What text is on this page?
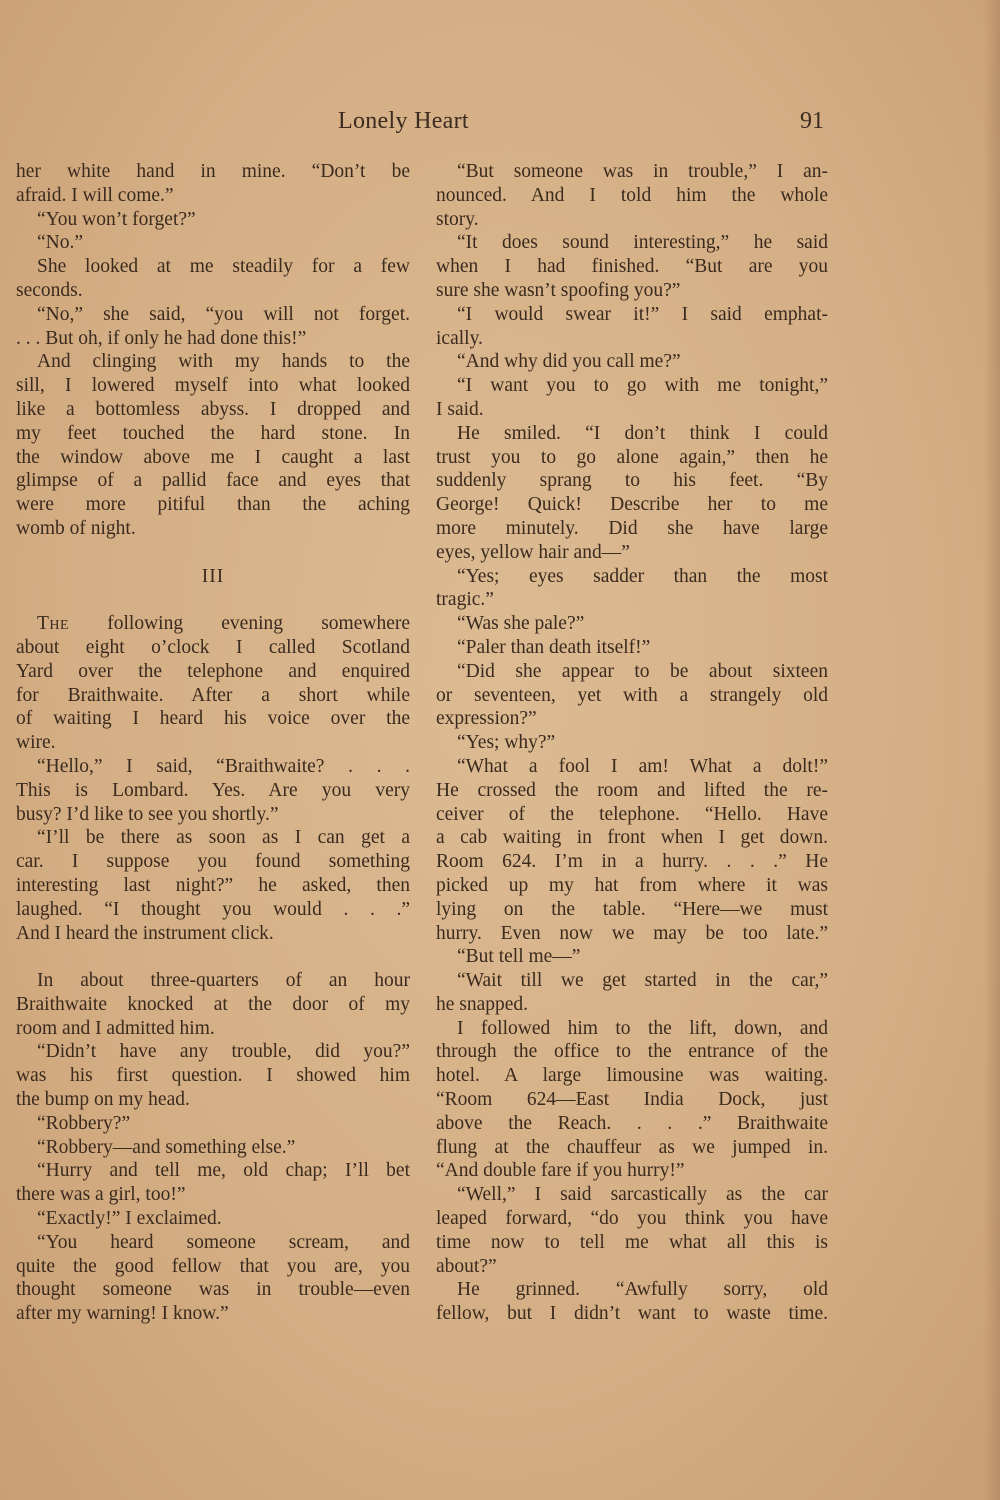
Lonely Heart	91
her white hand in mine. “Don’t be
afraid. I will come.”
“You won’t forget?”
“No.”
She looked at me steadily for a few
seconds.
“No,” she said, “you will not forget.
. . . But oh, if only he had done this!”
And clinging with my hands to the
sill, I lowered myself into what looked
like a bottomless abyss. I dropped and
my feet touched the hard stone. In
the window above me I caught a last
glimpse of a pallid face and eyes that
were more pitiful than the aching
womb of night.
III
The following evening somewhere
about eight o’clock I called Scotland
Yard over the telephone and enquired
for Braithwaite. After a short while
of waiting I heard his voice over the
wire.
“Hello,” I said, “Braithwaite? . . .
This is Lombard. Yes. Are you very
busy? I’d like to see you shortly.”
“I’ll be there as soon as I can get a
car. I suppose you found something
interesting last night?” he asked, then
laughed. “I thought you would . . .”
And I heard the instrument click.
In about three-quarters of an hour
Braithwaite knocked at the door of my
room and I admitted him.
“Didn’t have any trouble, did you?”
was his first question. I showed him
the bump on my head.
“Robbery?”
“Robbery—and something else.”
“Hurry and tell me, old chap; I’ll bet
there was a girl, too!”
“Exactly!” I exclaimed.
“You heard someone scream, and
quite the good fellow that you are, you
thought someone was in trouble—even
after my warning! I know.”
“But someone was in trouble,” I an-
nounced. And I told him the whole
story.
“It does sound interesting,” he said
when I had finished. “But are you
sure she wasn’t spoofing you?”
“I would swear it!” I said emphat-
ically.
“And why did you call me?”
“I want you to go with me tonight,”
I said.
He smiled. “I don’t think I could
trust you to go alone again,” then he
suddenly sprang to his feet. “By
George! Quick! Describe her to me
more minutely. Did she have large
eyes, yellow hair and—”
“Yes; eyes sadder than the most
tragic.”
“Was she pale?”
“Paler than death itself!”
“Did she appear to be about sixteen
or seventeen, yet with a strangely old
expression?”
“Yes; why?”
“What a fool I am! What a dolt!”
He crossed the room and lifted the re-
ceiver of the telephone. “Hello. Have
a cab waiting in front when I get down.
Room 624. I’m in a hurry. . . .” He
picked up my hat from where it was
lying on the table. “Here—we must
hurry. Even now we may be too late.”
“But tell me—”
“Wait till we get started in the car,”
he snapped.
I followed him to the lift, down, and
through the office to the entrance of the
hotel. A large limousine was waiting.
“Room 624—East India Dock, just
above the Reach. . . .” Braithwaite
flung at the chauffeur as we jumped in.
“And double fare if you hurry!”
“Well,” I said sarcastically as the car
leaped forward, “do you think you have
time now to tell me what all this is
about?”
He grinned. “Awfully sorry, old
fellow, but I didn’t want to waste time.
